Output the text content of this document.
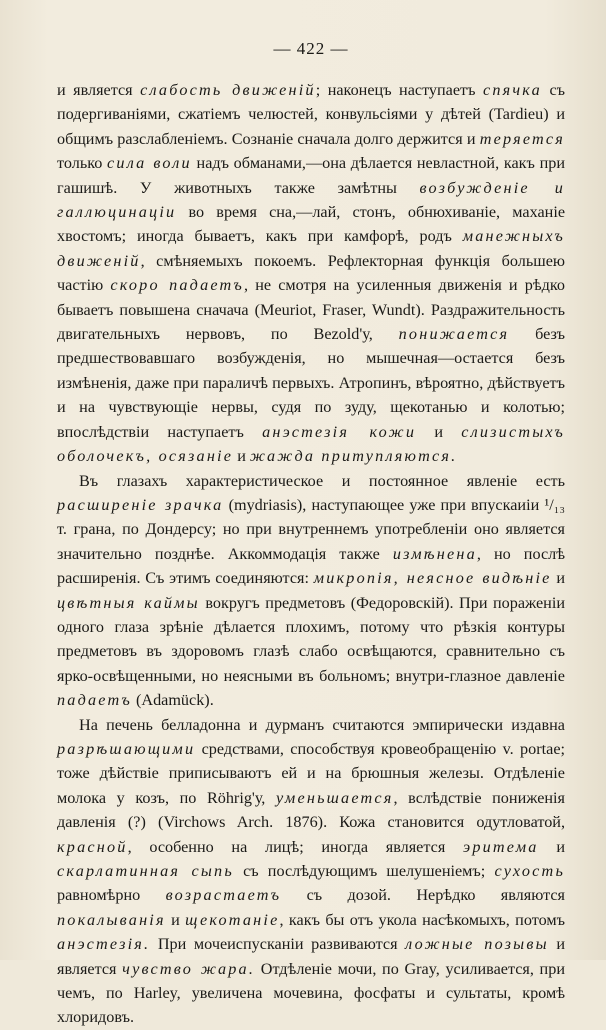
— 422 —

и является слабость движеній; наконецъ наступаетъ спячка съ подергиваніями, сжатіемъ челюстей, конвульсіями у дѣтей (Tardieu) и общимъ разслабленіемъ. Сознаніе сначала долго держится и теряется только сила воли надъ обманами,—она дѣлается невластной, какъ при гашишѣ. У животныхъ также замѣтны возбужденіе и галлюцинаціи во время сна,—лай, стонъ, обнюхиваніе, маханіе хвостомъ; иногда бываетъ, какъ при камфорѣ, родъ манежныхъ движеній, смѣняемыхъ покоемъ. Рефлекторная функція большею частію скоро падаетъ, не смотря на усиленныя движенія и рѣдко бываетъ повышена сначача (Meuriot, Fraser, Wundt). Раздражительность двигательныхъ нервовъ, по Bezold'у, понижается безъ предшествовавшаго возбужденія, но мышечная—остается безъ измѣненія, даже при параличѣ первыхъ. Атропинъ, вѣроятно, дѣйствуетъ и на чувствующіе нервы, судя по зуду, щекотанью и колотью; впослѣдствіи наступаетъ анэстезія кожи и слизистыхъ оболочекъ, осязаніе и жажда притупляются.

Въ глазахъ характеристическое и постоянное явленіе есть расширеніе зрачка (mydriasis), наступающее уже при впускаиіи ¹/₁₃ т. грана, по Дондерсу; но при внутреннемъ употребленіи оно является значительно позднѣе. Аккоммодація также измѣнена, но послѣ расширенія. Съ этимъ соединяются: микропія, неясное видѣніе и цвѣтныя каймы вокругъ предметовъ (Федоровскій). При пораженіи одного глаза зрѣніе дѣлается плохимъ, потому что рѣзкія контуры предметовъ въ здоровомъ глазѣ слабо освѣщаются, сравнительно съ ярко-освѣщенными, но неясными въ больномъ; внутри-глазное давленіе падаетъ (Adamück).

На печень белладонна и дурманъ считаются эмпирически издавна разрѣшающими средствами, способствуя кровеобращенію v. portae; тоже дѣйствіе приписываютъ ей и на брюшныя железы. Отдѣленіе молока у козъ, по Röhrig'у, уменьшается, вслѣдствіе пониженія давленія (?) (Virchows Arch. 1876). Кожа становится одутловатой, красной, особенно на лицѣ; иногда является эритема и скарлатинная сыпь съ послѣдующимъ шелушеніемъ; сухость равномѣрно возрастаетъ съ дозой. Нерѣдко являются покалыванія и щекотаніе, какъ бы отъ укола насѣкомыхъ, потомъ анэстезія. При мочеиспусканіи развиваются ложные позывы и является чувство жара. Отдѣленіе мочи, по Gray, усиливается, при чемъ, по Harley, увеличена мочевина, фосфаты и сультаты, кромѣ хлоридовъ.
